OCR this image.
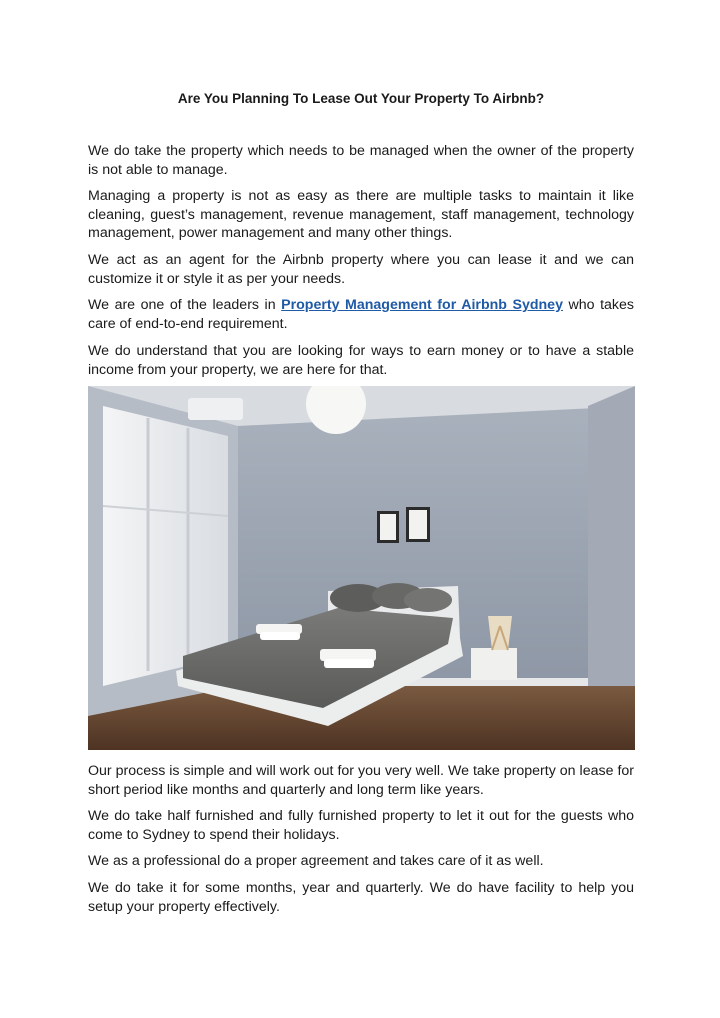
Are You Planning To Lease Out Your Property To Airbnb?

We do take the property which needs to be managed when the owner of the property is not able to manage.

Managing a property is not as easy as there are multiple tasks to maintain it like cleaning, guest’s management, revenue management, staff management, technology management, power management and many other things.

We act as an agent for the Airbnb property where you can lease it and we can customize it or style it as per your needs.

We are one of the leaders in Property Management for Airbnb Sydney who takes care of end-to-end requirement.

We do understand that you are looking for ways to earn money or to have a stable income from your property, we are here for that.

Our process is simple and will work out for you very well. We take property on lease for short period like months and quarterly and long term like years.

We do take half furnished and fully furnished property to let it out for the guests who come to Sydney to spend their holidays.

We as a professional do a proper agreement and takes care of it as well.

We do take it for some months, year and quarterly. We do have facility to help you setup your property effectively.
